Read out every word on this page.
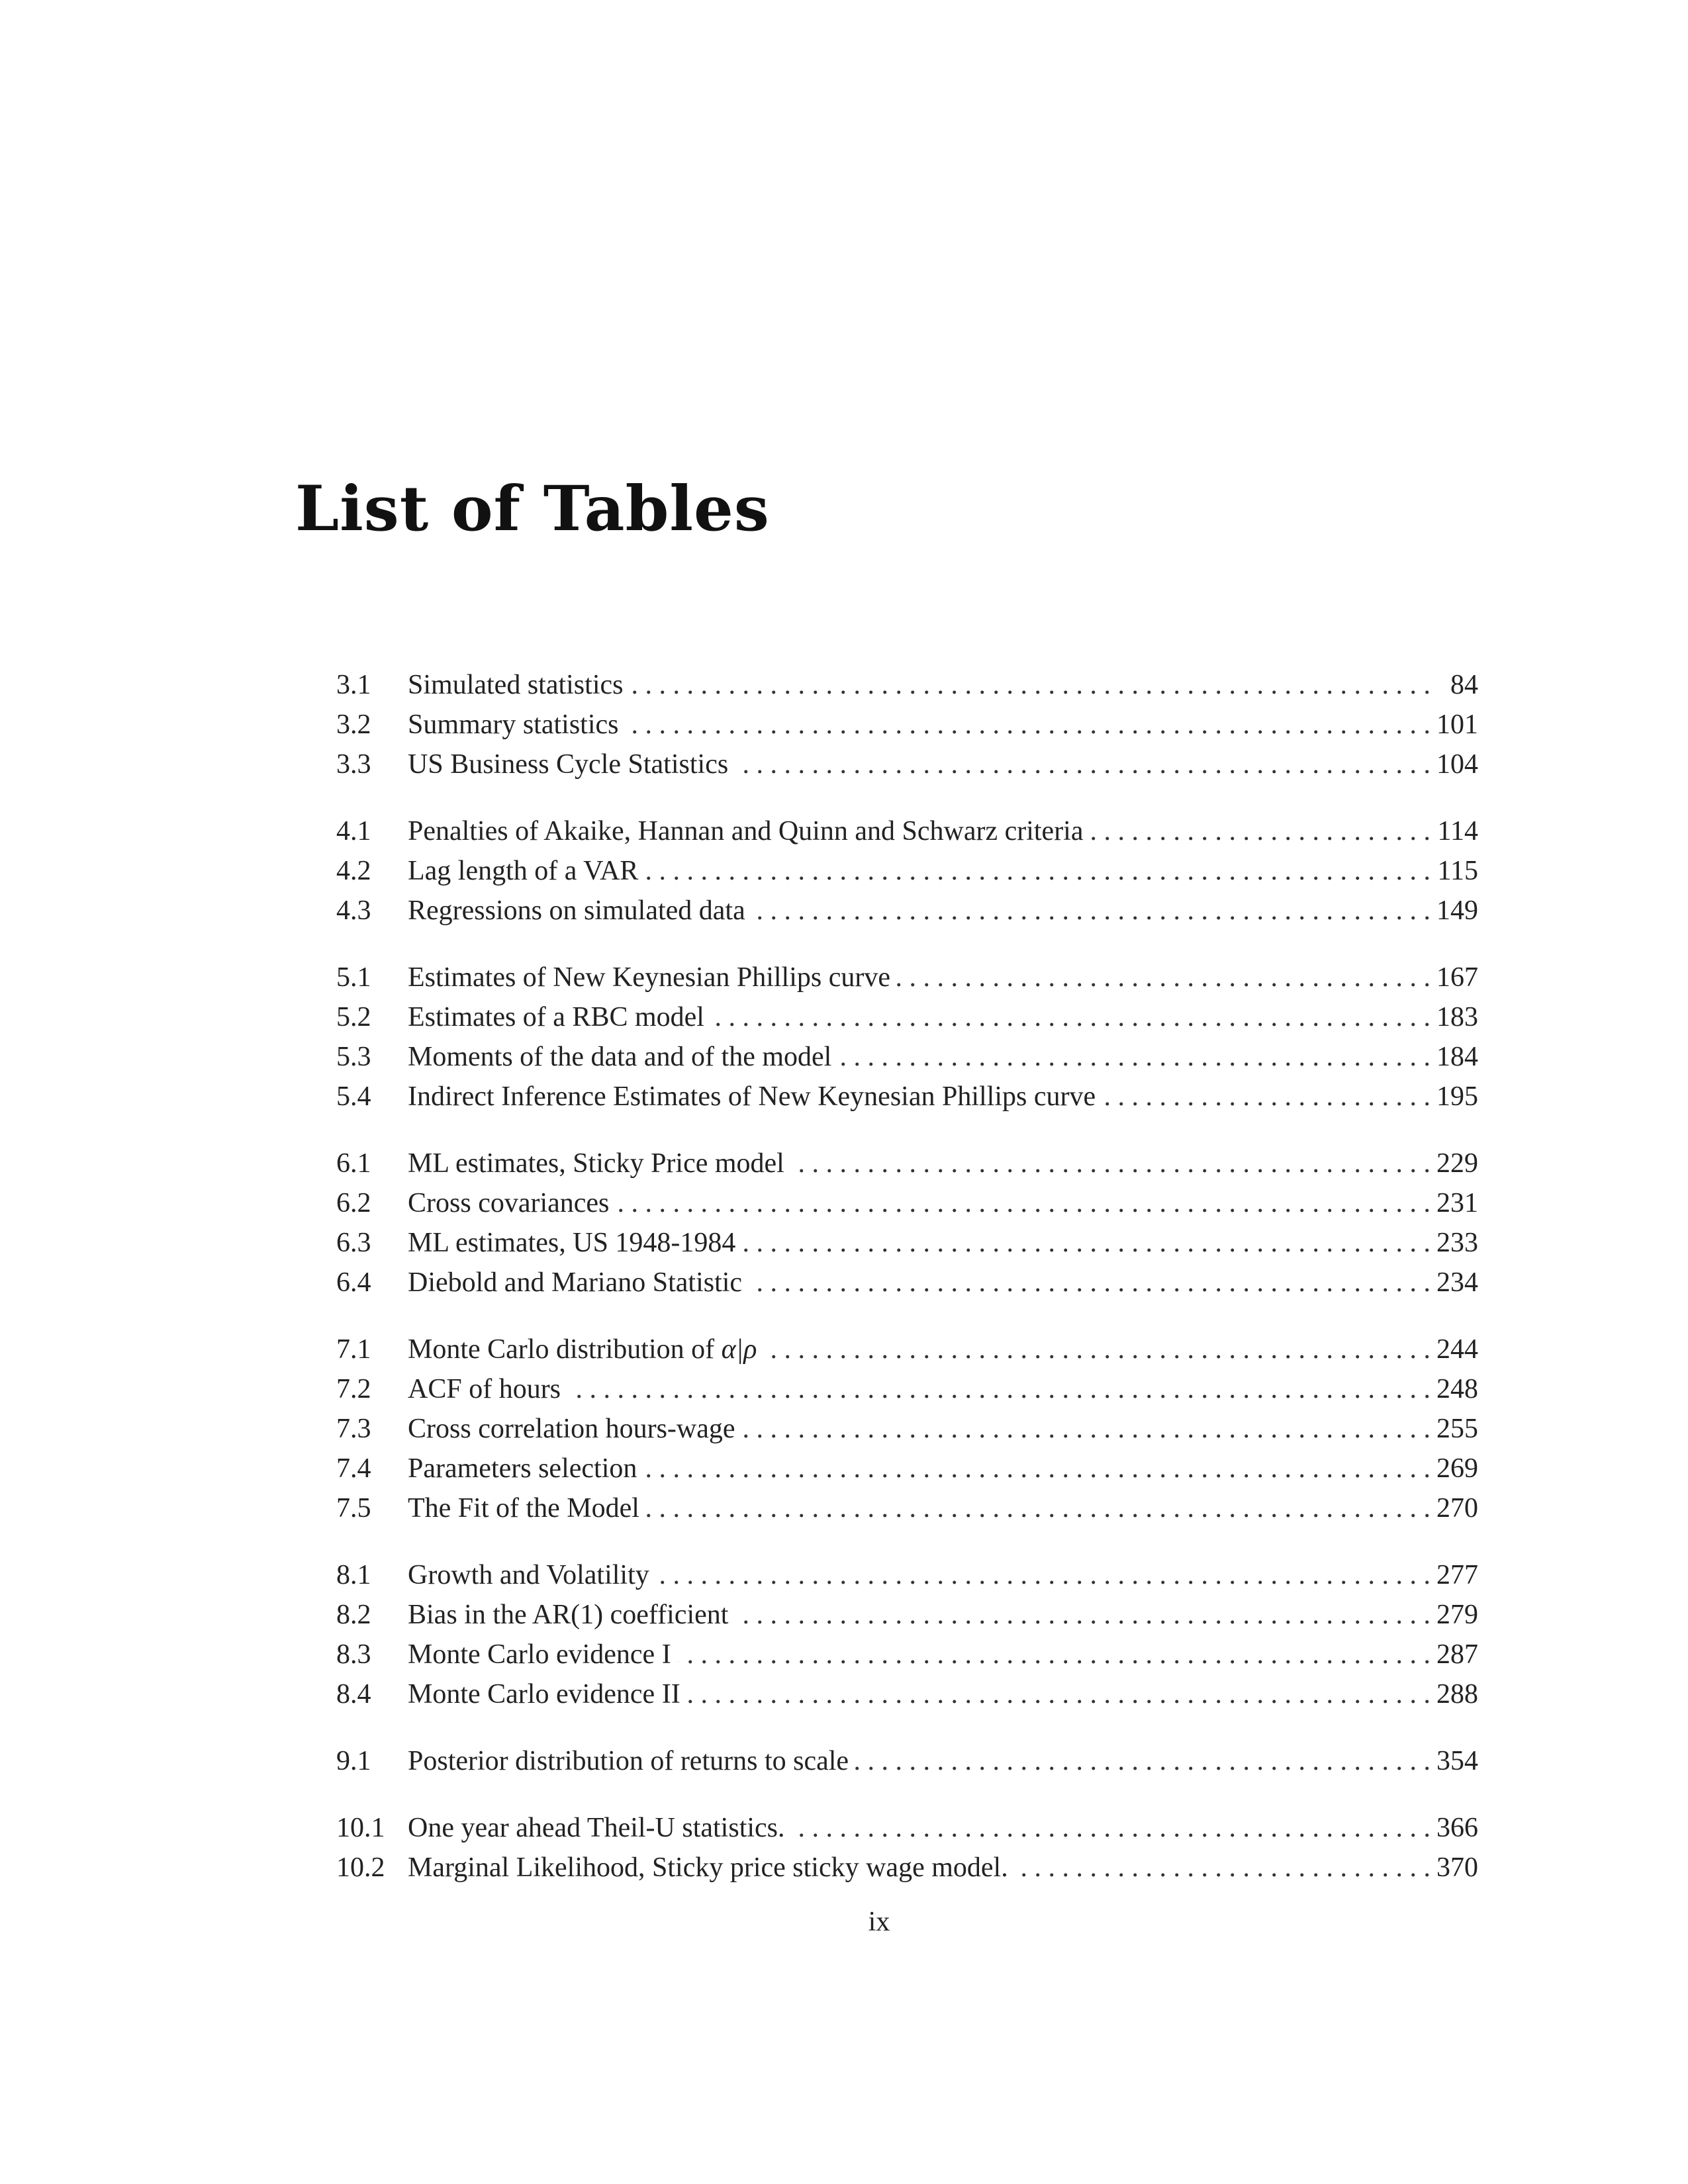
List of Tables
3.1	Simulated statistics . . .	84
3.2	Summary statistics . . .	101
3.3	US Business Cycle Statistics . . .	104
4.1	Penalties of Akaike, Hannan and Quinn and Schwarz criteria . . .	114
4.2	Lag length of a VAR . . .	115
4.3	Regressions on simulated data . . .	149
5.1	Estimates of New Keynesian Phillips curve . . .	167
5.2	Estimates of a RBC model . . .	183
5.3	Moments of the data and of the model . . .	184
5.4	Indirect Inference Estimates of New Keynesian Phillips curve . . .	195
6.1	ML estimates, Sticky Price model . . .	229
6.2	Cross covariances . . .	231
6.3	ML estimates, US 1948-1984 . . .	233
6.4	Diebold and Mariano Statistic . . .	234
7.1	Monte Carlo distribution of α|ρ . . .	244
7.2	ACF of hours . . .	248
7.3	Cross correlation hours-wage . . .	255
7.4	Parameters selection . . .	269
7.5	The Fit of the Model . . .	270
8.1	Growth and Volatility . . .	277
8.2	Bias in the AR(1) coefficient . . .	279
8.3	Monte Carlo evidence I . . .	287
8.4	Monte Carlo evidence II . . .	288
9.1	Posterior distribution of returns to scale . . .	354
10.1 One year ahead Theil-U statistics. . . .	366
10.2 Marginal Likelihood, Sticky price sticky wage model. . . .	370
ix
